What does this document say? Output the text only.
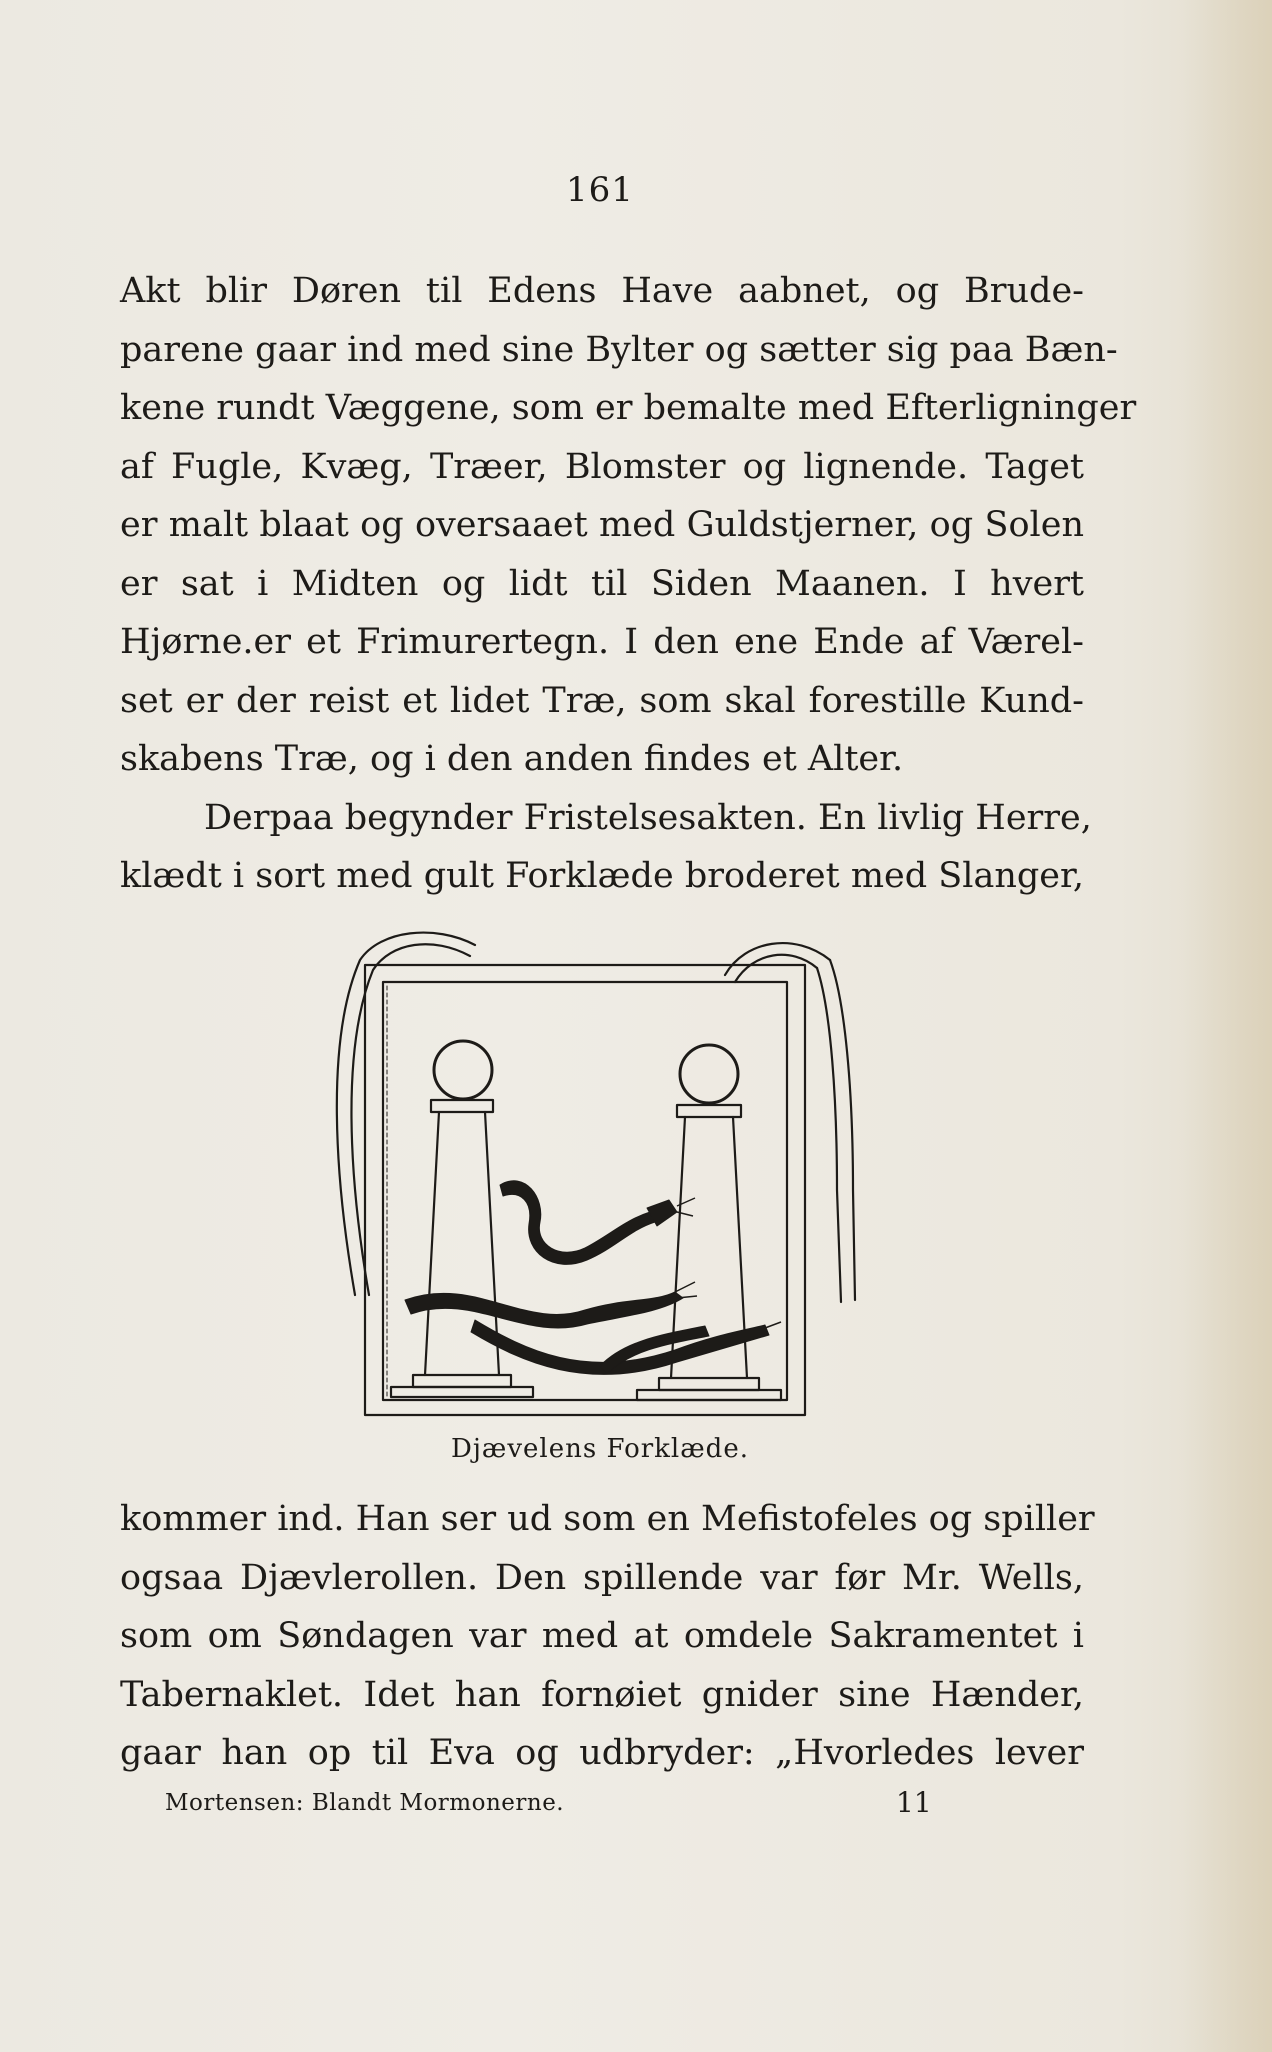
161
Akt blir Døren til Edens Have aabnet, og Brude-
parene gaar ind med sine Bylter og sætter sig paa Bæn-
kene rundt Væggene, som er bemalte med Efterligninger
af Fugle, Kvæg, Træer, Blomster og lignende. Taget
er malt blaat og oversaaet med Guldstjerner, og Solen
er sat i Midten og lidt til Siden Maanen. I hvert
Hjørne.er et Frimurertegn. I den ene Ende af Værel-
set er der reist et lidet Træ, som skal forestille Kund-
skabens Træ, og i den anden findes et Alter.
Derpaa begynder Fristelsesakten. En livlig Herre,
klædt i sort med gult Forklæde broderet med Slanger,
Djævelens Forklæde.
kommer ind. Han ser ud som en Mefistofeles og spiller
ogsaa Djævlerollen. Den spillende var før Mr. Wells,
som om Søndagen var med at omdele Sakramentet i
Tabernaklet. Idet han fornøiet gnider sine Hænder,
gaar han op til Eva og udbryder: „Hvorledes lever
Mortensen: Blandt Mormonerne.	11
